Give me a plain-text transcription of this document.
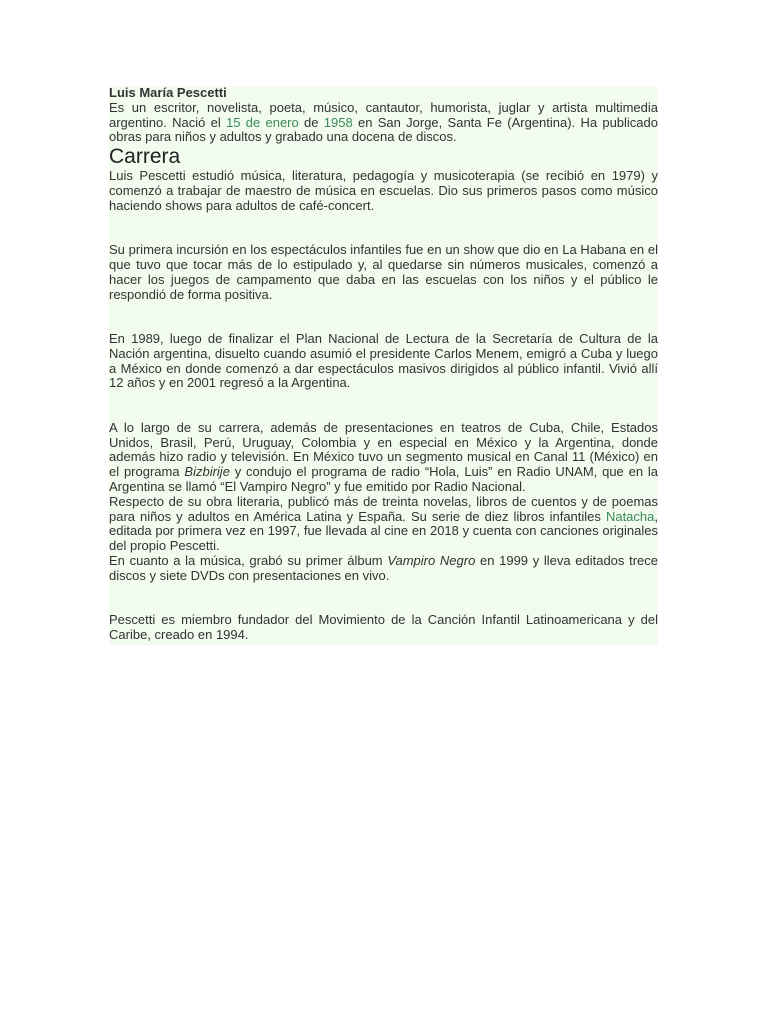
Luis María Pescetti

Es un escritor, novelista, poeta, músico, cantautor, humorista, juglar y artista multimedia argentino. Nació el 15 de enero de 1958 en San Jorge, Santa Fe (Argentina). Ha publicado obras para niños y adultos y grabado una docena de discos.

Carrera

Luis Pescetti estudió música, literatura, pedagogía y musicoterapia (se recibió en 1979) y comenzó a trabajar de maestro de música en escuelas. Dio sus primeros pasos como músico haciendo shows para adultos de café-concert.

Su primera incursión en los espectáculos infantiles fue en un show que dio en La Habana en el que tuvo que tocar más de lo estipulado y, al quedarse sin números musicales, comenzó a hacer los juegos de campamento que daba en las escuelas con los niños y el público le respondió de forma positiva.

En 1989, luego de finalizar el Plan Nacional de Lectura de la Secretaría de Cultura de la Nación argentina, disuelto cuando asumió el presidente Carlos Menem, emigró a Cuba y luego a México en donde comenzó a dar espectáculos masivos dirigidos al público infantil. Vivió allí 12 años y en 2001 regresó a la Argentina.

A lo largo de su carrera, además de presentaciones en teatros de Cuba, Chile, Estados Unidos, Brasil, Perú, Uruguay, Colombia y en especial en México y la Argentina, donde además hizo radio y televisión. En México tuvo un segmento musical en Canal 11 (México) en el programa Bizbirije y condujo el programa de radio “Hola, Luis” en Radio UNAM, que en la Argentina se llamó “El Vampiro Negro” y fue emitido por Radio Nacional.

Respecto de su obra literaria, publicó más de treinta novelas, libros de cuentos y de poemas para niños y adultos en América Latina y España. Su serie de diez libros infantiles Natacha, editada por primera vez en 1997, fue llevada al cine en 2018 y cuenta con canciones originales del propio Pescetti.

En cuanto a la música, grabó su primer álbum Vampiro Negro en 1999 y lleva editados trece discos y siete DVDs con presentaciones en vivo.

Pescetti es miembro fundador del Movimiento de la Canción Infantil Latinoamericana y del Caribe, creado en 1994.
